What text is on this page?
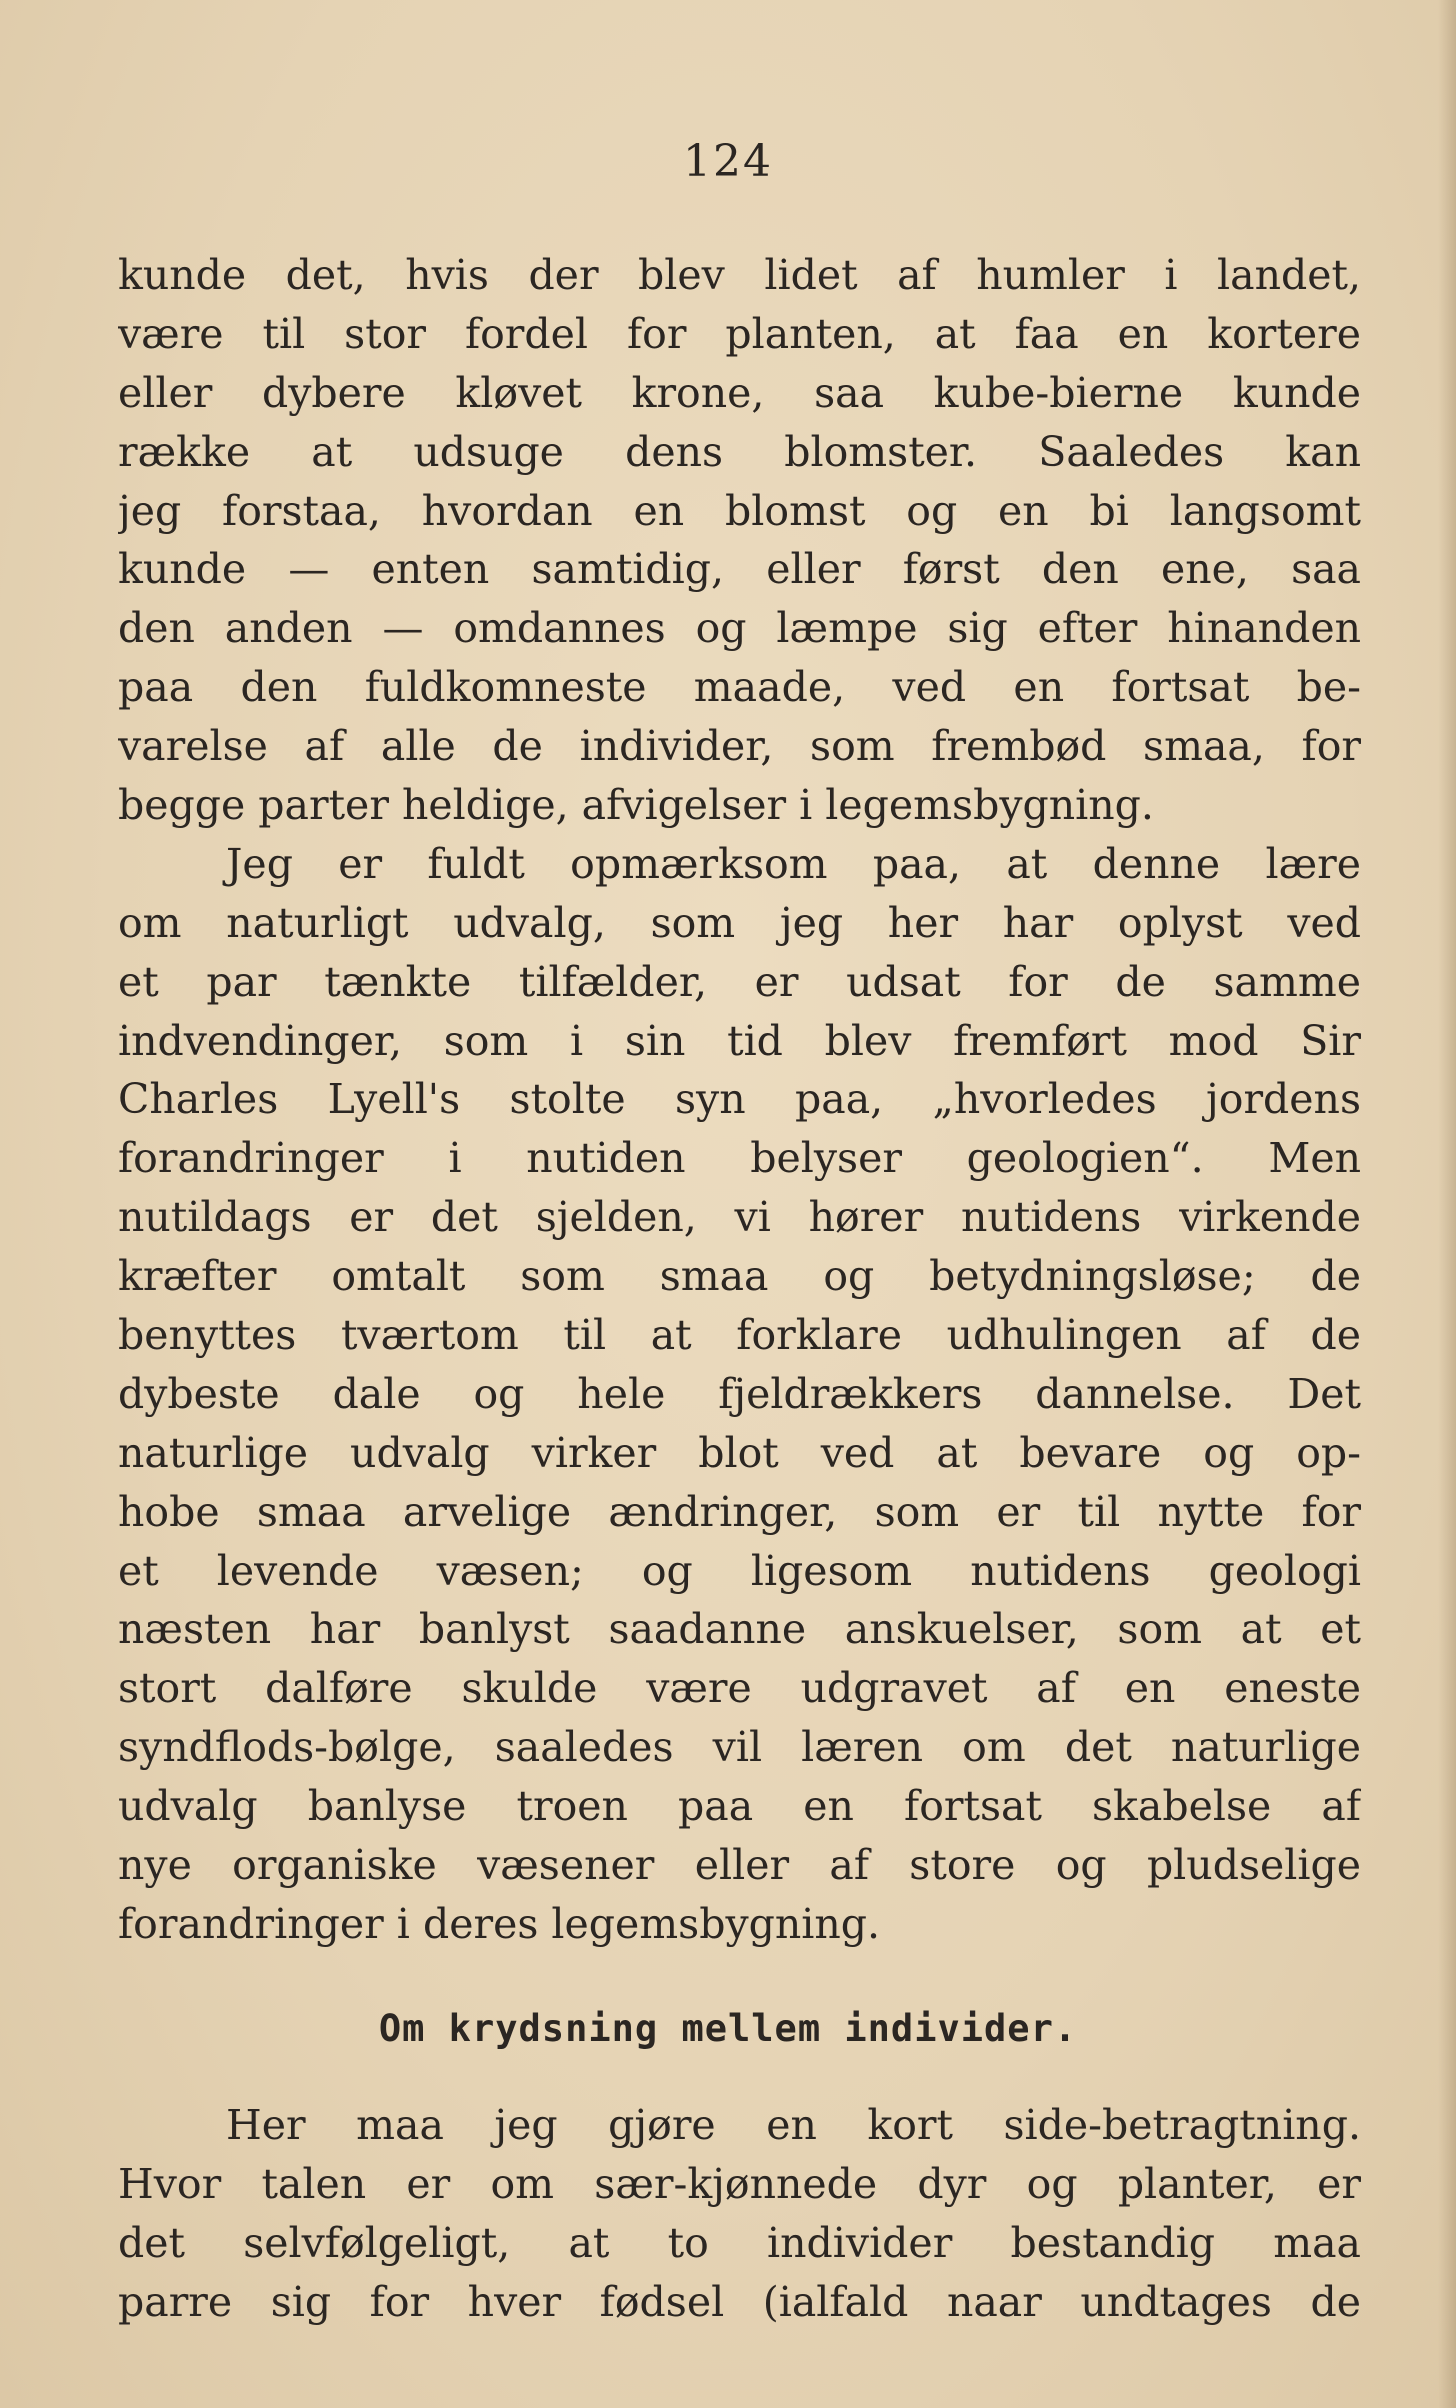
124
kunde det, hvis der blev lidet af humler i landet,
være til stor fordel for planten, at faa en kortere
eller dybere kløvet krone, saa kube-bierne kunde
række at udsuge dens blomster. Saaledes kan
jeg forstaa, hvordan en blomst og en bi langsomt
kunde — enten samtidig, eller først den ene, saa
den anden — omdannes og læmpe sig efter hinanden
paa den fuldkomneste maade, ved en fortsat be-
varelse af alle de individer, som frembød smaa, for
begge parter heldige, afvigelser i legemsbygning.
Jeg er fuldt opmærksom paa, at denne lære
om naturligt udvalg, som jeg her har oplyst ved
et par tænkte tilfælder, er udsat for de samme
indvendinger, som i sin tid blev fremført mod Sir
Charles Lyell's stolte syn paa, „hvorledes jordens
forandringer i nutiden belyser geologien“. Men
nutildags er det sjelden, vi hører nutidens virkende
kræfter omtalt som smaa og betydningsløse; de
benyttes tværtom til at forklare udhulingen af de
dybeste dale og hele fjeldrækkers dannelse. Det
naturlige udvalg virker blot ved at bevare og op-
hobe smaa arvelige ændringer, som er til nytte for
et levende væsen; og ligesom nutidens geologi
næsten har banlyst saadanne anskuelser, som at et
stort dalføre skulde være udgravet af en eneste
syndflods-bølge, saaledes vil læren om det naturlige
udvalg banlyse troen paa en fortsat skabelse af
nye organiske væsener eller af store og pludselige
forandringer i deres legemsbygning.
Om krydsning mellem individer.
Her maa jeg gjøre en kort side-betragtning.
Hvor talen er om sær-kjønnede dyr og planter, er
det selvfølgeligt, at to individer bestandig maa
parre sig for hver fødsel (ialfald naar undtages de
